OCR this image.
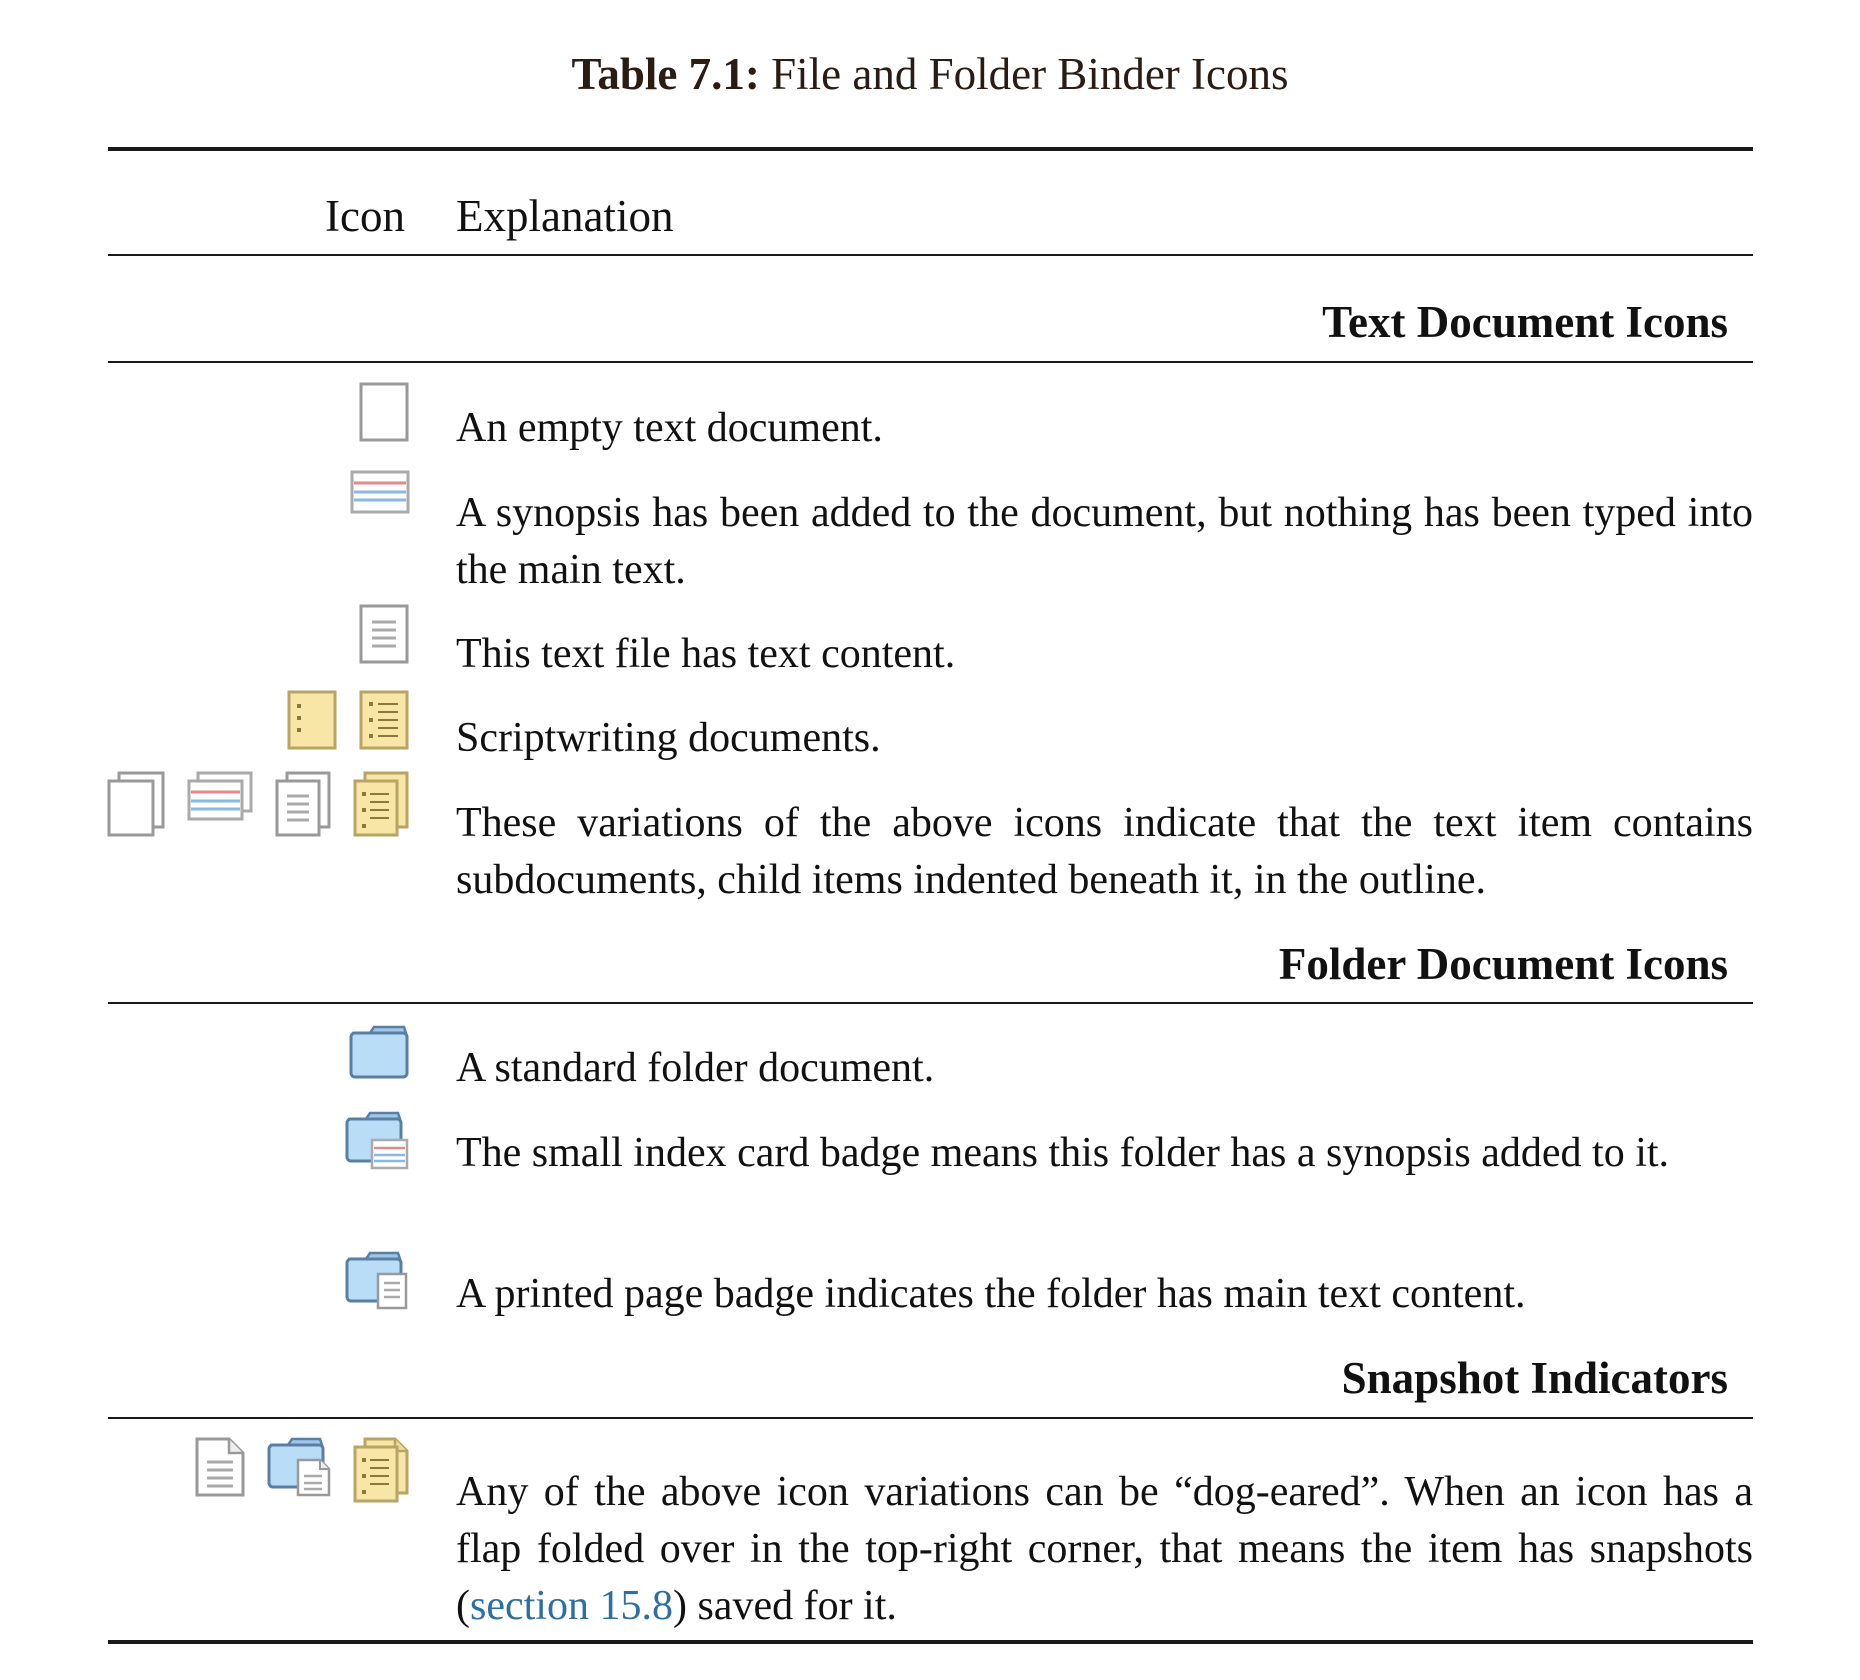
Table 7.1: File and Folder Binder Icons
Icon Explanation
Text Document Icons
An empty text document.
A synopsis has been added to the document, but nothing has been typed into the main text.
This text file has text content.
Scriptwriting documents.
These variations of the above icons indicate that the text item contains subdocuments, child items indented beneath it, in the outline.
Folder Document Icons
A standard folder document.
The small index card badge means this folder has a synopsis added to it.
A printed page badge indicates the folder has main text content.
Snapshot Indicators
Any of the above icon variations can be “dog-eared”. When an icon has a flap folded over in the top-right corner, that means the item has snapshots (section 15.8) saved for it.
